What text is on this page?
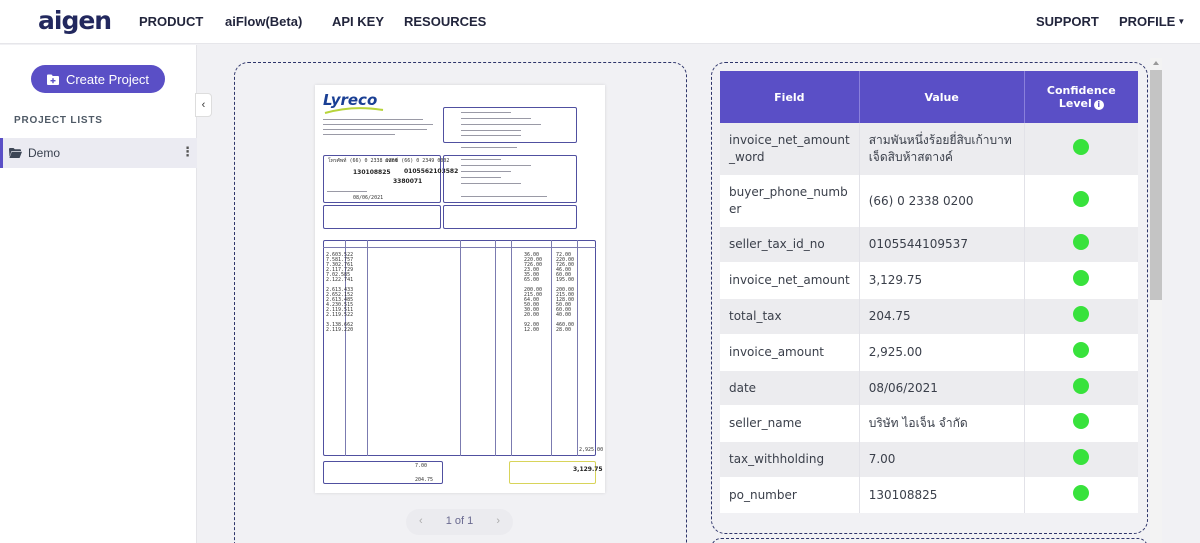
aigen PRODUCT aiFlow(Beta) API KEY RESOURCES	SUPPORT PROFILE ▼
Create Project
PROJECT LISTS
Demo	⋮
‹	Lyreco
โทรศัพท์ (66) 0 2338 0200
แฟกซ์ (66) 0 2349 0002
130108825 0105562103582
3380071
08/06/2021
2.603.522	36.00	72.00
7.581.757	220.00	220.00
7.302.761	726.00	726.00
2.117.729	23.00	46.00
7.02.585	35.00	60.00
2.122.741	65.00	195.00
2.613.433	200.00	200.00
2.652.152	215.00	215.00
2.613.485	64.00	128.00
4.230.515	50.00	50.00
2.119.511	30.00	60.00
2.119.522	20.00	40.00
3.138.662	92.00	460.00
2.119.220	12.00	28.00
2,925.00
7.00
204.75
3,129.75
‹	1 of 1	›
Field	Value	Confidence
Level i
invoice_net_amount_word	สามพันหนึ่งร้อยยี่สิบเก้าบาทเจ็ดสิบห้าสตางค์	
buyer_phone_number	(66) 0 2338 0200	
seller_tax_id_no	0105544109537	
invoice_net_amount	3,129.75	
total_tax	204.75	
invoice_amount	2,925.00	
date	08/06/2021	
seller_name	บริษัท ไอเจ็น จำกัด	
tax_withholding	7.00	
po_number	130108825	
